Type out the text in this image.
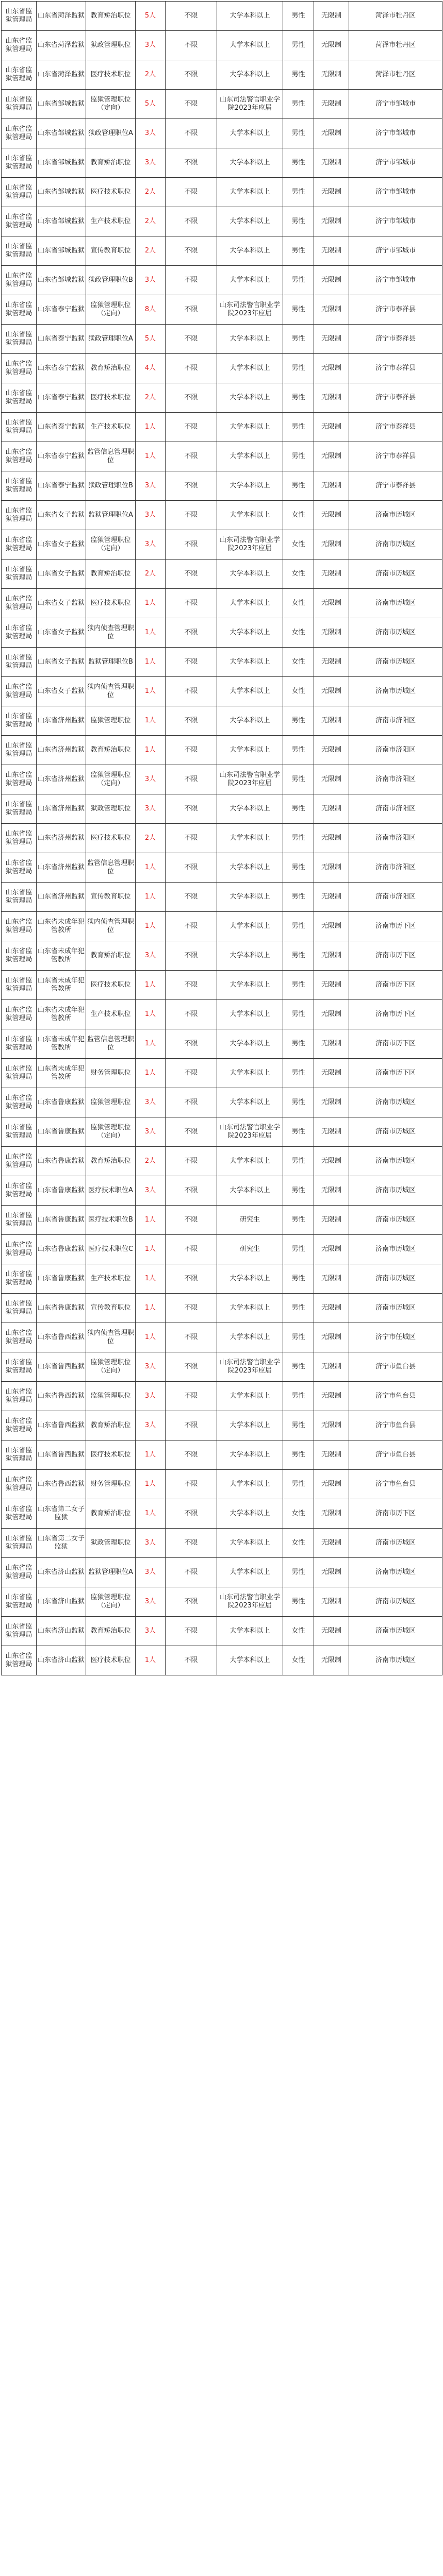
山东省监狱管理局	山东省菏泽监狱	教育矫治职位	5人	不限	大学本科以上	男性	无限制	菏泽市牡丹区
山东省监狱管理局	山东省菏泽监狱	狱政管理职位	3人	不限	大学本科以上	男性	无限制	菏泽市牡丹区
山东省监狱管理局	山东省菏泽监狱	医疗技术职位	2人	不限	大学本科以上	男性	无限制	菏泽市牡丹区
山东省监狱管理局	山东省邹城监狱	监狱管理职位（定向）	5人	不限	山东司法警官职业学院2023年应届	男性	无限制	济宁市邹城市
山东省监狱管理局	山东省邹城监狱	狱政管理职位A	3人	不限	大学本科以上	男性	无限制	济宁市邹城市
山东省监狱管理局	山东省邹城监狱	教育矫治职位	3人	不限	大学本科以上	男性	无限制	济宁市邹城市
山东省监狱管理局	山东省邹城监狱	医疗技术职位	2人	不限	大学本科以上	男性	无限制	济宁市邹城市
山东省监狱管理局	山东省邹城监狱	生产技术职位	2人	不限	大学本科以上	男性	无限制	济宁市邹城市
山东省监狱管理局	山东省邹城监狱	宣传教育职位	2人	不限	大学本科以上	男性	无限制	济宁市邹城市
山东省监狱管理局	山东省邹城监狱	狱政管理职位B	3人	不限	大学本科以上	男性	无限制	济宁市邹城市
山东省监狱管理局	山东省泰宁监狱	监狱管理职位（定向）	8人	不限	山东司法警官职业学院2023年应届	男性	无限制	济宁市泰祥县
山东省监狱管理局	山东省泰宁监狱	狱政管理职位A	5人	不限	大学本科以上	男性	无限制	济宁市泰祥县
山东省监狱管理局	山东省泰宁监狱	教育矫治职位	4人	不限	大学本科以上	男性	无限制	济宁市泰祥县
山东省监狱管理局	山东省泰宁监狱	医疗技术职位	2人	不限	大学本科以上	男性	无限制	济宁市泰祥县
山东省监狱管理局	山东省泰宁监狱	生产技术职位	1人	不限	大学本科以上	男性	无限制	济宁市泰祥县
山东省监狱管理局	山东省泰宁监狱	监管信息管理职位	1人	不限	大学本科以上	男性	无限制	济宁市泰祥县
山东省监狱管理局	山东省泰宁监狱	狱政管理职位B	3人	不限	大学本科以上	男性	无限制	济宁市泰祥县
山东省监狱管理局	山东省女子监狱	监狱管理职位A	3人	不限	大学本科以上	女性	无限制	济南市历城区
山东省监狱管理局	山东省女子监狱	监狱管理职位（定向）	3人	不限	山东司法警官职业学院2023年应届	女性	无限制	济南市历城区
山东省监狱管理局	山东省女子监狱	教育矫治职位	2人	不限	大学本科以上	女性	无限制	济南市历城区
山东省监狱管理局	山东省女子监狱	医疗技术职位	1人	不限	大学本科以上	女性	无限制	济南市历城区
山东省监狱管理局	山东省女子监狱	狱内侦查管理职位	1人	不限	大学本科以上	女性	无限制	济南市历城区
山东省监狱管理局	山东省女子监狱	监狱管理职位B	1人	不限	大学本科以上	女性	无限制	济南市历城区
山东省监狱管理局	山东省女子监狱	狱内侦查管理职位	1人	不限	大学本科以上	女性	无限制	济南市历城区
山东省监狱管理局	山东省济州监狱	监狱管理职位	1人	不限	大学本科以上	男性	无限制	济南市济阳区
山东省监狱管理局	山东省济州监狱	教育矫治职位	1人	不限	大学本科以上	男性	无限制	济南市济阳区
山东省监狱管理局	山东省济州监狱	监狱管理职位（定向）	3人	不限	山东司法警官职业学院2023年应届	男性	无限制	济南市济阳区
山东省监狱管理局	山东省济州监狱	狱政管理职位	3人	不限	大学本科以上	男性	无限制	济南市济阳区
山东省监狱管理局	山东省济州监狱	医疗技术职位	2人	不限	大学本科以上	男性	无限制	济南市济阳区
山东省监狱管理局	山东省济州监狱	监管信息管理职位	1人	不限	大学本科以上	男性	无限制	济南市济阳区
山东省监狱管理局	山东省济州监狱	宣传教育职位	1人	不限	大学本科以上	男性	无限制	济南市济阳区
山东省监狱管理局	山东省未成年犯管教所	狱内侦查管理职位	1人	不限	大学本科以上	男性	无限制	济南市历下区
山东省监狱管理局	山东省未成年犯管教所	教育矫治职位	3人	不限	大学本科以上	男性	无限制	济南市历下区
山东省监狱管理局	山东省未成年犯管教所	医疗技术职位	1人	不限	大学本科以上	男性	无限制	济南市历下区
山东省监狱管理局	山东省未成年犯管教所	生产技术职位	1人	不限	大学本科以上	男性	无限制	济南市历下区
山东省监狱管理局	山东省未成年犯管教所	监管信息管理职位	1人	不限	大学本科以上	男性	无限制	济南市历下区
山东省监狱管理局	山东省未成年犯管教所	财务管理职位	1人	不限	大学本科以上	男性	无限制	济南市历下区
山东省监狱管理局	山东省鲁康监狱	监狱管理职位	3人	不限	大学本科以上	男性	无限制	济南市历城区
山东省监狱管理局	山东省鲁康监狱	监狱管理职位（定向）	3人	不限	山东司法警官职业学院2023年应届	男性	无限制	济南市历城区
山东省监狱管理局	山东省鲁康监狱	教育矫治职位	2人	不限	大学本科以上	男性	无限制	济南市历城区
山东省监狱管理局	山东省鲁康监狱	医疗技术职位A	3人	不限	大学本科以上	男性	无限制	济南市历城区
山东省监狱管理局	山东省鲁康监狱	医疗技术职位B	1人	不限	研究生	男性	无限制	济南市历城区
山东省监狱管理局	山东省鲁康监狱	医疗技术职位C	1人	不限	研究生	男性	无限制	济南市历城区
山东省监狱管理局	山东省鲁康监狱	生产技术职位	1人	不限	大学本科以上	男性	无限制	济南市历城区
山东省监狱管理局	山东省鲁康监狱	宣传教育职位	1人	不限	大学本科以上	男性	无限制	济南市历城区
山东省监狱管理局	山东省鲁西监狱	狱内侦查管理职位	1人	不限	大学本科以上	男性	无限制	济宁市任城区
山东省监狱管理局	山东省鲁西监狱	监狱管理职位（定向）	3人	不限	山东司法警官职业学院2023年应届	男性	无限制	济宁市鱼台县
山东省监狱管理局	山东省鲁西监狱	监狱管理职位	3人	不限	大学本科以上	男性	无限制	济宁市鱼台县
山东省监狱管理局	山东省鲁西监狱	教育矫治职位	3人	不限	大学本科以上	男性	无限制	济宁市鱼台县
山东省监狱管理局	山东省鲁西监狱	医疗技术职位	1人	不限	大学本科以上	男性	无限制	济宁市鱼台县
山东省监狱管理局	山东省鲁西监狱	财务管理职位	1人	不限	大学本科以上	男性	无限制	济宁市鱼台县
山东省监狱管理局	山东省第二女子监狱	教育矫治职位	1人	不限	大学本科以上	女性	无限制	济南市历下区
山东省监狱管理局	山东省第二女子监狱	狱政管理职位	3人	不限	大学本科以上	女性	无限制	济南市历城区
山东省监狱管理局	山东省济山监狱	监狱管理职位A	3人	不限	大学本科以上	男性	无限制	济南市历城区
山东省监狱管理局	山东省济山监狱	监狱管理职位（定向）	3人	不限	山东司法警官职业学院2023年应届	男性	无限制	济南市历城区
山东省监狱管理局	山东省济山监狱	教育矫治职位	3人	不限	大学本科以上	女性	无限制	济南市历城区
山东省监狱管理局	山东省济山监狱	医疗技术职位	1人	不限	大学本科以上	女性	无限制	济南市历城区
